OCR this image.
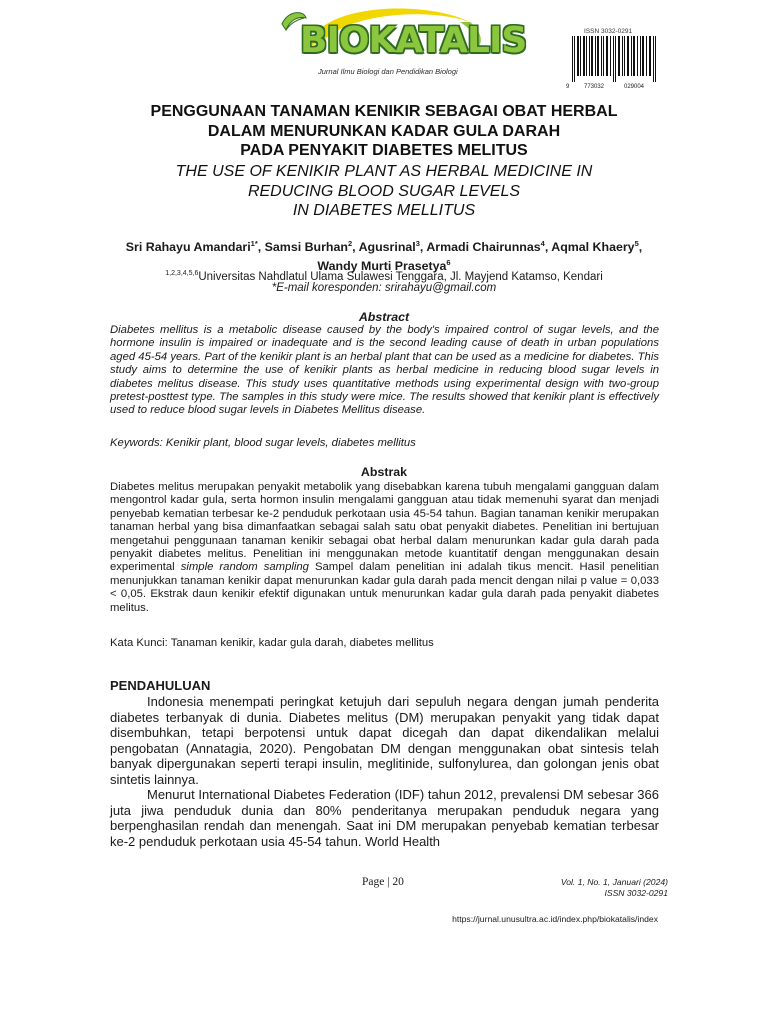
BIOKATALIS
Jurnal Ilmu Biologi dan Pendidikan Biologi
ISSN 3032-0291
9 773032	029004
PENGGUNAAN TANAMAN KENIKIR SEBAGAI OBAT HERBAL
DALAM MENURUNKAN KADAR GULA DARAH
PADA PENYAKIT DIABETES MELITUS
THE USE OF KENIKIR PLANT AS HERBAL MEDICINE IN
REDUCING BLOOD SUGAR LEVELS
IN DIABETES MELLITUS
Sri Rahayu Amandari$^{1*}$, Samsi Burhan$^2$, Agusrinal$^3$, Armadi Chairunnas$^4$, Aqmal Khaery$^5$, Wandy Murti Prasetya$^6$
$^{1,2,3,4,5,6}$Universitas Nahdlatul Ulama Sulawesi Tenggara, Jl. Mayjend Katamso, Kendari
*E-mail koresponden: srirahayu@gmail.com
Abstract
Diabetes mellitus is a metabolic disease caused by the body's impaired control of sugar levels, and the hormone insulin is impaired or inadequate and is the second leading cause of death in urban populations aged 45-54 years. Part of the kenikir plant is an herbal plant that can be used as a medicine for diabetes. This study aims to determine the use of kenikir plants as herbal medicine in reducing blood sugar levels in diabetes melitus disease. This study uses quantitative methods using experimental design with two-group pretest-posttest type. The samples in this study were mice. The results showed that kenikir plant is effectively used to reduce blood sugar levels in Diabetes Mellitus disease.
Keywords: Kenikir plant, blood sugar levels, diabetes mellitus
Abstrak
Diabetes melitus merupakan penyakit metabolik yang disebabkan karena tubuh mengalami gangguan dalam mengontrol kadar gula, serta hormon insulin mengalami gangguan atau tidak memenuhi syarat dan menjadi penyebab kematian terbesar ke-2 penduduk perkotaan usia 45-54 tahun. Bagian tanaman kenikir merupakan tanaman herbal yang bisa dimanfaatkan sebagai salah satu obat penyakit diabetes. Penelitian ini bertujuan mengetahui penggunaan tanaman kenikir sebagai obat herbal dalam menurunkan kadar gula darah pada penyakit diabetes melitus. Penelitian ini menggunakan metode kuantitatif dengan menggunakan desain experimental simple random sampling Sampel dalam penelitian ini adalah tikus mencit. Hasil penelitian menunjukkan tanaman kenikir dapat menurunkan kadar gula darah pada mencit dengan nilai p value = 0,033 < 0,05. Ekstrak daun kenikir efektif digunakan untuk menurunkan kadar gula darah pada penyakit diabetes melitus.
Kata Kunci: Tanaman kenikir, kadar gula darah, diabetes mellitus
PENDAHULUAN
Indonesia menempati peringkat ketujuh dari sepuluh negara dengan jumah penderita diabetes terbanyak di dunia. Diabetes melitus (DM) merupakan penyakit yang tidak dapat disembuhkan, tetapi berpotensi untuk dapat dicegah dan dapat dikendalikan melalui pengobatan (Annatagia, 2020). Pengobatan DM dengan menggunakan obat sintesis telah banyak dipergunakan seperti terapi insulin, meglitinide, sulfonylurea, dan golongan jenis obat sintetis lainnya.
Menurut International Diabetes Federation (IDF) tahun 2012, prevalensi DM sebesar 366 juta jiwa penduduk dunia dan 80% penderitanya merupakan penduduk negara yang berpenghasilan rendah dan menengah. Saat ini DM merupakan penyebab kematian terbesar ke-2 penduduk perkotaan usia 45-54 tahun. World Health
Page | 20	Vol. 1, No. 1, Januari (2024)
ISSN 3032-0291
https://jurnal.unusultra.ac.id/index.php/biokatalis/index
